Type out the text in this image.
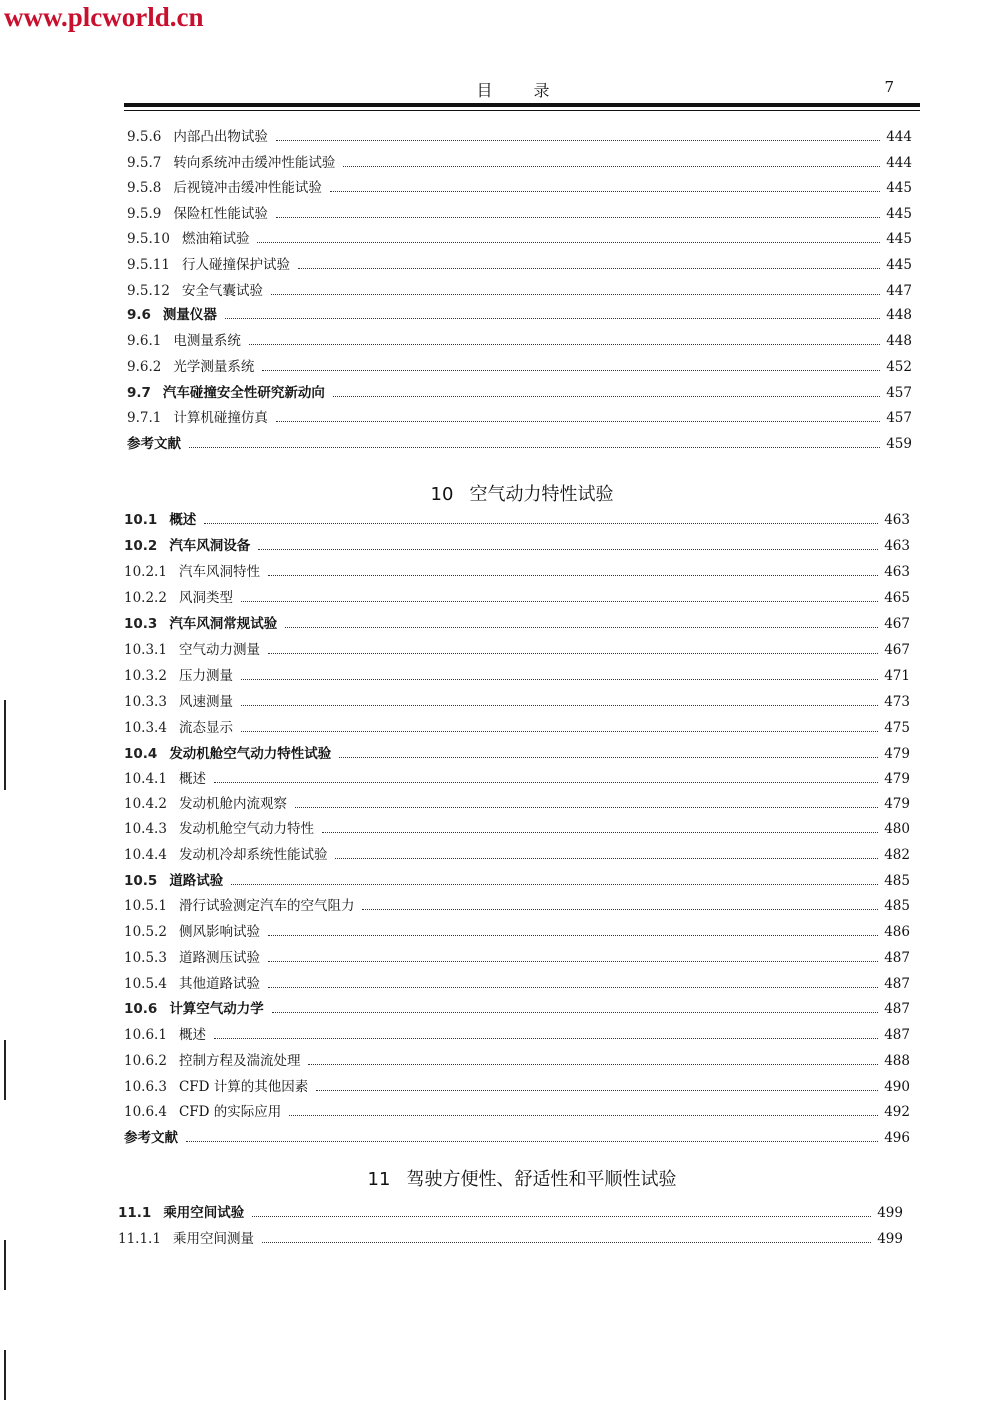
www.plcworld.cn
目 录	7
9.5.6 内部凸出物试验	444
9.5.7 转向系统冲击缓冲性能试验	444
9.5.8 后视镜冲击缓冲性能试验	445
9.5.9 保险杠性能试验	445
9.5.10 燃油箱试验	445
9.5.11 行人碰撞保护试验	445
9.5.12 安全气囊试验	447
9.6 测量仪器	448
9.6.1 电测量系统	448
9.6.2 光学测量系统	452
9.7 汽车碰撞安全性研究新动向	457
9.7.1 计算机碰撞仿真	457
参考文献	459
10 空气动力特性试验
10.1 概述	463
10.2 汽车风洞设备	463
10.2.1 汽车风洞特性	463
10.2.2 风洞类型	465
10.3 汽车风洞常规试验	467
10.3.1 空气动力测量	467
10.3.2 压力测量	471
10.3.3 风速测量	473
10.3.4 流态显示	475
10.4 发动机舱空气动力特性试验	479
10.4.1 概述	479
10.4.2 发动机舱内流观察	479
10.4.3 发动机舱空气动力特性	480
10.4.4 发动机冷却系统性能试验	482
10.5 道路试验	485
10.5.1 滑行试验测定汽车的空气阻力	485
10.5.2 侧风影响试验	486
10.5.3 道路测压试验	487
10.5.4 其他道路试验	487
10.6 计算空气动力学	487
10.6.1 概述	487
10.6.2 控制方程及湍流处理	488
10.6.3 CFD 计算的其他因素	490
10.6.4 CFD 的实际应用	492
参考文献	496
11 驾驶方便性、舒适性和平顺性试验
11.1 乘用空间试验	499
11.1.1 乘用空间测量	499
